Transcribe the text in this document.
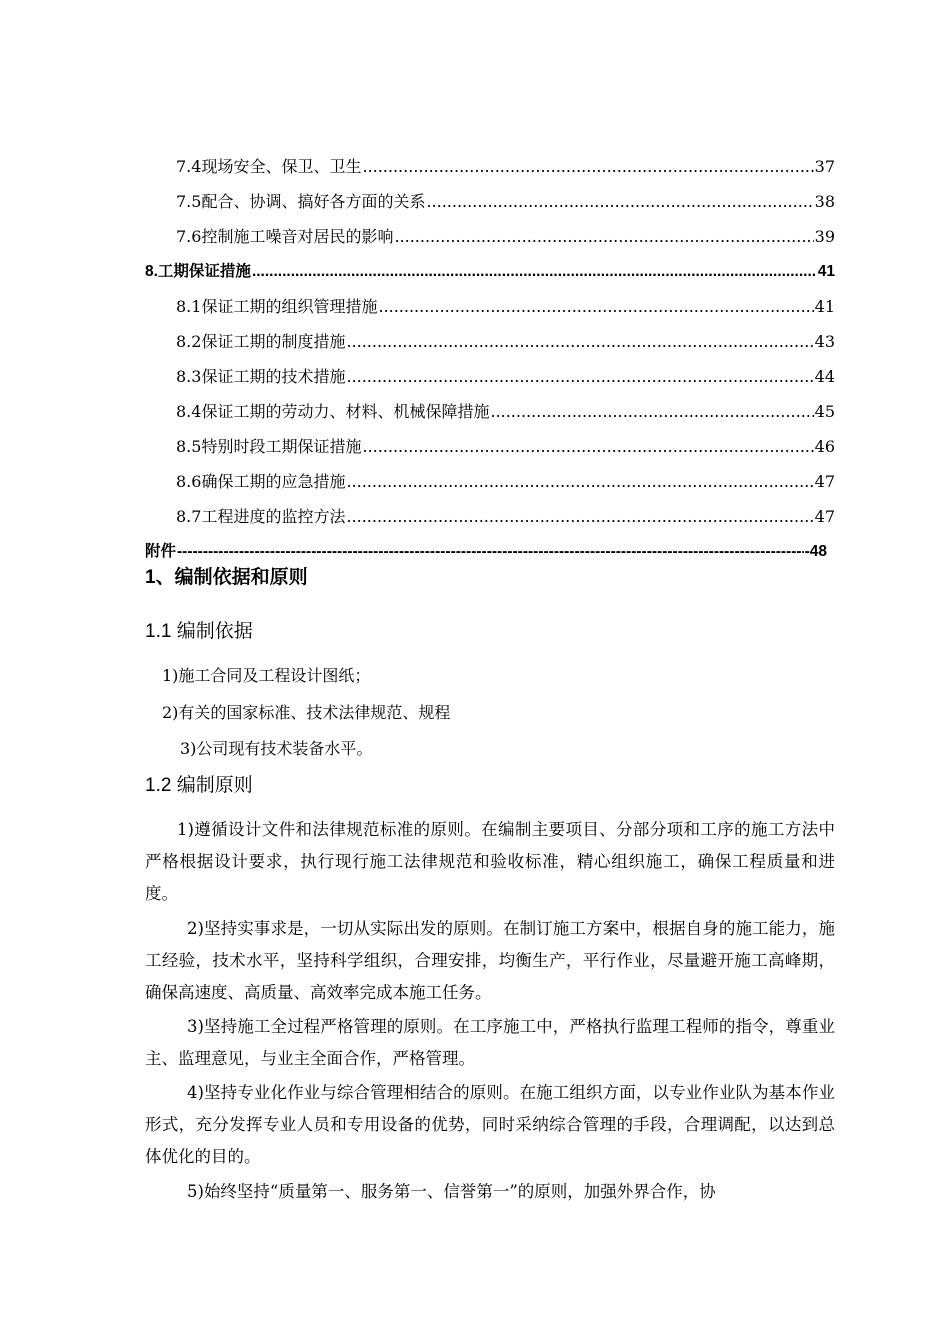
7.4现场安全、保卫、卫生 .....	37
7.5配合、协调、搞好各方面的关系 .....	38
7.6控制施工噪音对居民的影响 .....	39
8.工期保证措施 .....	41
8.1保证工期的组织管理措施 .....	41
8.2保证工期的制度措施 .....	43
8.3保证工期的技术措施 .....	44
8.4保证工期的劳动力、材料、机械保障措施 .....	45
8.5特别时段工期保证措施 .....	46
8.6确保工期的应急措施 .....	47
8.7工程进度的监控方法 .....	47
附件 -----	-48
1、编制依据和原则
1.1 编制依据
1)施工合同及工程设计图纸；
2)有关的国家标准、技术法律规范、规程
3)公司现有技术装备水平。
1.2 编制原则
1)遵循设计文件和法律规范标准的原则。在编制主要项目、分部分项和工序的施工方法中严格根据设计要求，执行现行施工法律规范和验收标准，精心组织施工，确保工程质量和进度。
2)坚持实事求是，一切从实际出发的原则。在制订施工方案中，根据自身的施工能力，施工经验，技术水平，坚持科学组织，合理安排，均衡生产，平行作业，尽量避开施工高峰期，确保高速度、高质量、高效率完成本施工任务。
3)坚持施工全过程严格管理的原则。在工序施工中，严格执行监理工程师的指令，尊重业主、监理意见，与业主全面合作，严格管理。
4)坚持专业化作业与综合管理相结合的原则。在施工组织方面，以专业作业队为基本作业形式，充分发挥专业人员和专用设备的优势，同时采纳综合管理的手段，合理调配，以达到总体优化的目的。
5)始终坚持“质量第一、服务第一、信誉第一”的原则，加强外界合作，协
